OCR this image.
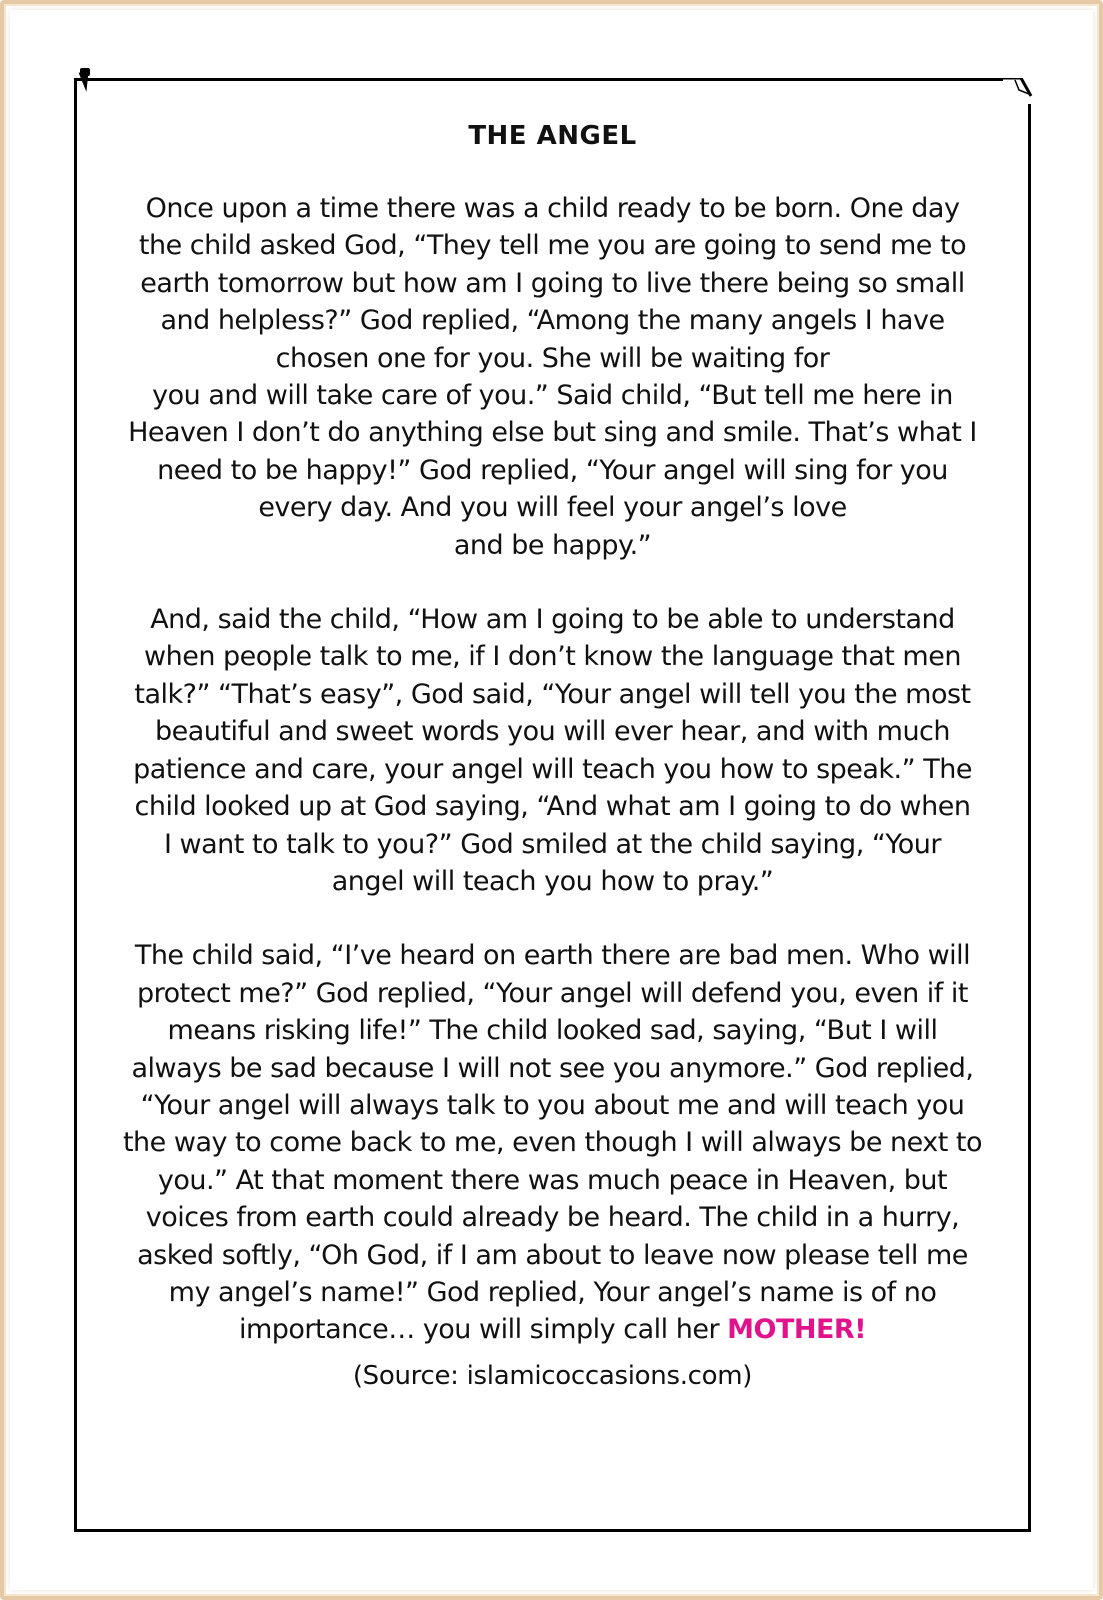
THE ANGEL
Once upon a time there was a child ready to be born. One day
the child asked God, “They tell me you are going to send me to
earth tomorrow but how am I going to live there being so small
and helpless?” God replied, “Among the many angels I have
chosen one for you. She will be waiting for
you and will take care of you.” Said child, “But tell me here in
Heaven I don’t do anything else but sing and smile. That’s what I
need to be happy!” God replied, “Your angel will sing for you
every day. And you will feel your angel’s love
and be happy.”
And, said the child, “How am I going to be able to understand
when people talk to me, if I don’t know the language that men
talk?” “That’s easy”, God said, “Your angel will tell you the most
beautiful and sweet words you will ever hear, and with much
patience and care, your angel will teach you how to speak.” The
child looked up at God saying, “And what am I going to do when
I want to talk to you?” God smiled at the child saying, “Your
angel will teach you how to pray.”
The child said, “I’ve heard on earth there are bad men. Who will
protect me?” God replied, “Your angel will defend you, even if it
means risking life!” The child looked sad, saying, “But I will
always be sad because I will not see you anymore.” God replied,
“Your angel will always talk to you about me and will teach you
the way to come back to me, even though I will always be next to
you.” At that moment there was much peace in Heaven, but
voices from earth could already be heard. The child in a hurry,
asked softly, “Oh God, if I am about to leave now please tell me
my angel’s name!” God replied, Your angel’s name is of no
importance… you will simply call her MOTHER!
(Source: islamicoccasions.com)
